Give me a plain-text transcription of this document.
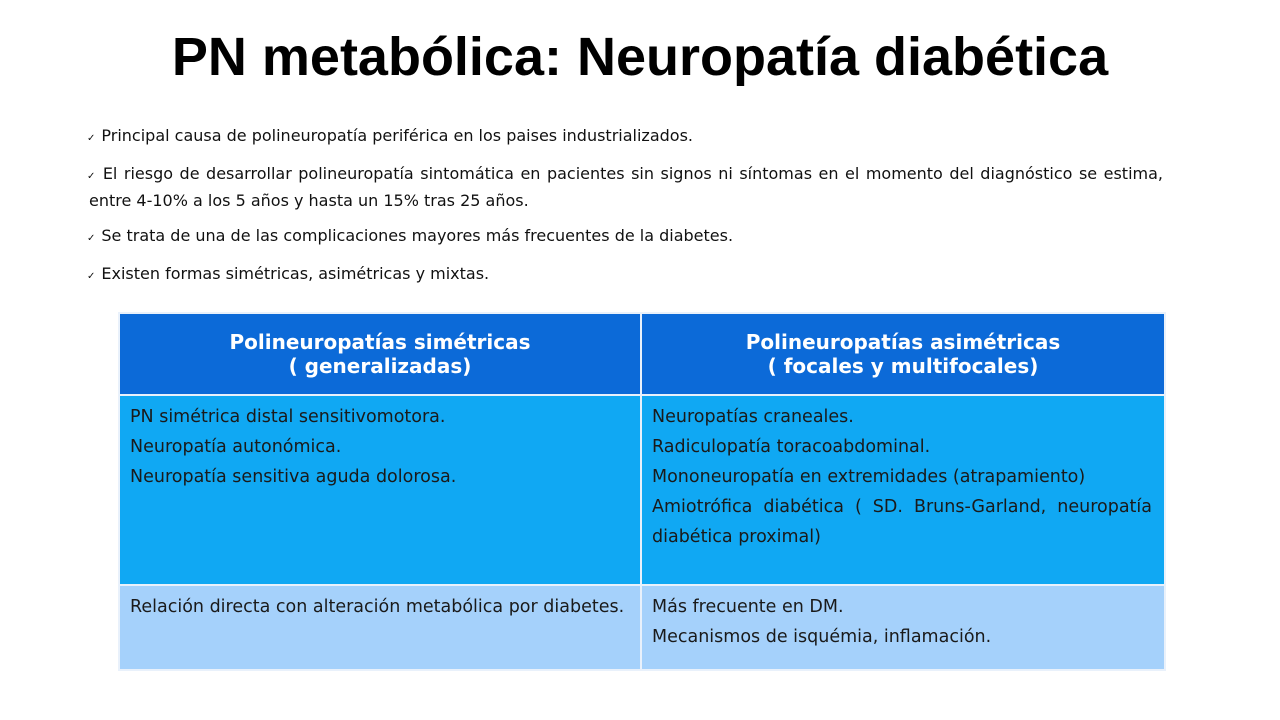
PN metabólica: Neuropatía diabética
✓ Principal causa de polineuropatía periférica en los paises industrializados.
✓ El riesgo de desarrollar polineuropatía sintomática en pacientes sin signos ni síntomas en el momento del diagnóstico se estima, entre 4-10% a los 5 años y hasta un 15% tras 25 años.
✓ Se trata de una de las complicaciones mayores más frecuentes de la diabetes.
✓ Existen formas simétricas, asimétricas y mixtas.
Polineuropatías simétricas
( generalizadas)	Polineuropatías asimétricas
( focales y multifocales)

PN simétrica distal sensitivomotora.
Neuropatía autonómica.
Neuropatía sensitiva aguda dolorosa.	Neuropatías craneales.
Radiculopatía toracoabdominal.
Mononeuropatía en extremidades (atrapamiento)
Amiotrófica diabética ( SD. Bruns-Garland, neuropatía diabética proximal)

Relación directa con alteración metabólica por diabetes.	Más frecuente en DM.
Mecanismos de isquémia, inflamación.
